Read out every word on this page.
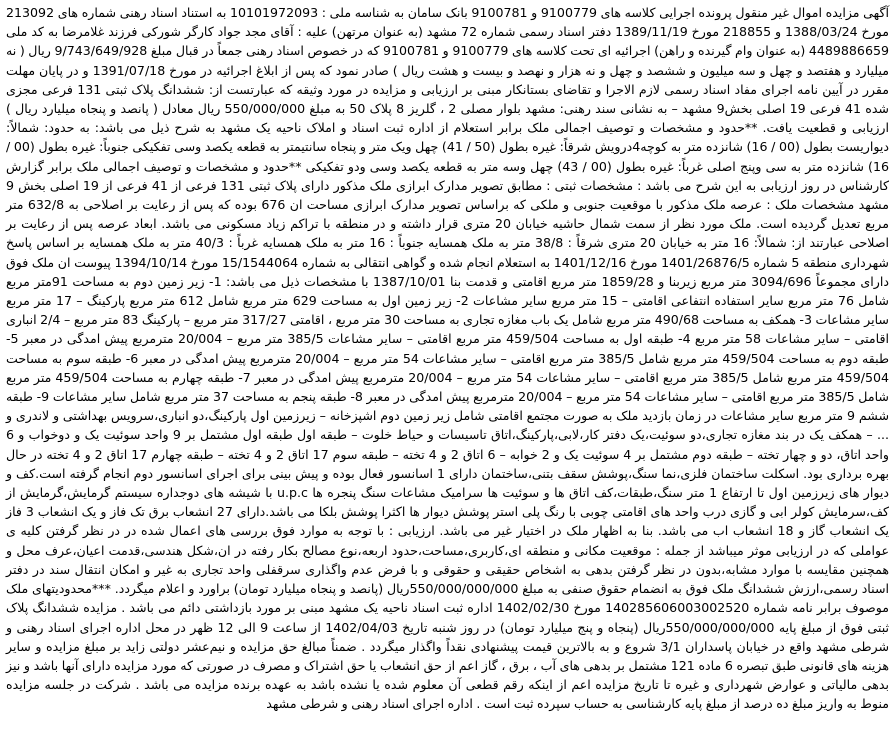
آگهی مزایده اموال غیر منقول پرونده اجرایی کلاسه های 9100779 و 9100781 بانک سامان به شناسه ملی : 10101972093 به استناد اسناد رهنی شماره های 213092 مورخ 1388/03/24 و 218855 مورخ 1389/11/19 دفتر اسناد رسمی شماره 72 مشهد (به عنوان مرتهن) علیه : آقای مجد جواد کارگر شورکی فرزند غلامرضا به کد ملی 4489886659 (به عنوان وام گیرنده و راهن) اجرائیه ای تحت کلاسه های 9100779 و 9100781 که در خصوص اسناد رهنی جمعاً در قبال مبلغ 9/743/649/928 ریال ( نه میلیارد و هفتصد و چهل و سه میلیون و ششصد و چهل و نه هزار و نهصد و بیست و هشت ریال ) صادر نمود که پس از ابلاغ اجرائیه در مورخ 1391/07/18 و در پایان مهلت مقرر در آیین نامه اجرای مفاد اسناد رسمی لازم الاجرا و تقاضای بستانکار مبنی بر ارزیابی و مزایده در مورد وثیقه که عبارتست از: ششدانگ پلاک ثبتی 131 فرعی مجزی شده 41 فرعی 19 اصلی بخش9 مشهد – به نشانی سند رهنی: مشهد بلوار مصلی 2 ، گلریز 8 پلاک 50 به مبلغ 550/000/000 ریال معادل ( پانصد و پنجاه میلیارد ریال ) ارزیابی و قطعیت یافت. **حدود و مشخصات و توصیف اجمالی ملک برابر استعلام از اداره ثبت اسناد و املاک ناحیه یک مشهد به شرح ذیل می باشد: به حدود: شمالاً: دیواریست بطول (00 / 16) شانزده متر به کوچه4درویش شرقاً: غیره بطول (50 / 41) چهل ویک متر و پنجاه سانتیمتر به قطعه یکصد وسی تفکیکی جنوباً: غیره بطول (00 / 16) شانزده متر به سی وپنج اصلی غرباً: غیره بطول (00 / 43) چهل وسه متر به قطعه یکصد وسی ودو تفکیکی **حدود و مشخصات و توصیف اجمالی ملک برابر گزارش کارشناس در روز ارزیابی به این شرح می باشد : مشخصات ثبتی : مطابق تصویر مدارک ابرازی ملک مذکور دارای پلاک ثبتی 131 فرعی از 41 فرعی از 19 اصلی بخش 9 مشهد مشخصات ملک : عرصه ملک مذکور با موقعیت جنوبی و ملکی که براساس تصویر مدارک ابرازی مساحت ان 676 بوده که پس از رعایت بر اصلاحی به 632/8 متر مربع تعدیل گردیده است. ملک مورد نظر از سمت شمال حاشیه خیابان 20 متری قرار داشته و در منطقه با تراکم زیاد مسکونی می باشد. ابعاد عرصه پس از رعایت بر اصلاحی عبارتند از: شمالاً: 16 متر به خیابان 20 متری شرقاً : 38/8 متر به ملک همسایه جنوباً : 16 متر به ملک همسایه غرباً : 40/3 متر به ملک همسایه بر اساس پاسخ شهرداری منطقه 5 شماره 1401/26876/5 مورخ 1401/12/16 به استعلام انجام شده و گواهی انتقالی به شماره 15/1544064 مورخ 1394/10/14 پیوست ان ملک فوق دارای مجموعاً 3094/696 متر مربع زیربنا و 1859/28 متر مربع اقامتی و قدمت بنا 1387/10/01 با مشخصات ذیل می باشد: 1- زیر زمین دوم به مساحت 91متر مربع شامل 76 متر مربع سایر استفاده انتفاعی اقامتی – 15 متر مربع سایر مشاعات 2- زیر زمین اول به مساحت 629 متر مربع شامل 612 متر مربع پارکینگ – 17 متر مربع سایر مشاعات 3- همکف به مساحت 490/68 متر مربع شامل یک باب مغازه تجاری به مساحت 30 متر مربع ، اقامتی 317/27 متر مربع – پارکینگ 83 متر مربع – 2/4 انباری اقامتی – سایر مشاعات 58 متر مربع 4- طبقه اول به مساحت 459/504 متر مربع اقامتی – سایر مشاعات 385/5 متر مربع – 20/004 مترمربع پیش امدگی در معبر 5- طبقه دوم به مساحت 459/504 متر مربع شامل 385/5 متر مربع اقامتی – سایر مشاعات 54 متر مربع – 20/004 مترمربع پیش امدگی در معبر 6- طبقه سوم به مساحت 459/504 متر مربع شامل 385/5 متر مربع اقامتی – سایر مشاعات 54 متر مربع – 20/004 مترمربع پیش امدگی در معبر 7- طبقه چهارم به مساحت 459/504 متر مربع شامل 385/5 متر مربع اقامتی – سایر مشاعات 54 متر مربع – 20/004 مترمربع پیش امدگی در معبر 8- طبقه پنجم به مساحت 37 متر مربع شامل سایر مشاعات 9- طبقه ششم 9 متر مربع سایر مشاعات در زمان بازدید ملک به صورت مجتمع اقامتی شامل زیر زمین دوم اشپزخانه – زیرزمین اول پارکینگ،دو انباری،سرویس بهداشتی و لاندری و ... – همکف یک در بند مغازه تجاری،دو سوئیت،یک دفتر کار،لابی،پارکینگ،اتاق تاسیسات و حیاط خلوت – طبقه اول طبقه اول مشتمل بر 9 واحد سوئیت یک و دوخواب و 6 واحد اتاق، دو و چهار تخته – طبقه دوم مشتمل بر 4 سوئیت یک و 2 خوابه – 6 اتاق 2 و 4 تخته – طبقه سوم 17 اتاق 2 و 4 تخته – طبقه چهارم 17 اتاق 2 و 4 تخته در حال بهره برداری بود. اسکلت ساختمان فلزی،نما سنگ،پوشش سقف بتنی،ساختمان دارای 1 اسانسور فعال بوده و پیش بینی برای اجرای اسانسور دوم انجام گرفته است.کف و دیوار های زیرزمین اول تا ارتفاع 1 متر سنگ،طبقات،کف اتاق ها و سوئیت ها سرامیک مشاعات سنگ پنجره ها u.p.c با شیشه های دوجداره سیستم گرمایش،گرمایش از کف،سرمایش کولر ابی و گازی درب واحد های اقامتی چوبی با رنگ پلی استر پوشش دیوار ها اکثرا پوشش بلکا می باشد.دارای 27 انشعاب برق تک فاز و یک انشعاب 3 فاز یک انشعاب گاز و 18 انشعاب اب می باشد. بنا به اظهار ملک در اختیار غیر می باشد. ارزیابی : با توجه به موارد فوق بررسی های اعمال شده در در نظر گرفتن کلیه ی عواملی که در ارزیابی موثر میباشد از جمله : موقعیت مکانی و منطقه ای،کاربری،مساحت،حدود اربعه،نوع مصالح بکار رفته در ان،شکل هندسی،قدمت اعیان،عرف محل و همچنین مقایسه با موارد مشابه،بدون در نظر گرفتن بدهی به اشخاص حقیقی و حقوقی و با فرض عدم واگذاری سرقفلی واحد تجاری به غیر و امکان انتقال سند در دفتر اسناد رسمی،ارزش ششدانگ ملک فوق به انضمام حقوق صنفی به مبلغ 550/000/000/000ریال (پانصد و پنجاه میلیارد تومان) براورد و اعلام میگردد. ***محدودیتهای ملک موصوف برابر نامه شماره 140285606003002520 مورخ 1402/02/30 اداره ثبت اسناد ناحیه یک مشهد مبنی بر مورد بازداشتی دائم می باشد . مزایده ششدانگ پلاک ثبتی فوق از مبلغ پایه 550/000/000/000ریال (پنجاه و پنج میلیارد تومان) در روز شنبه تاریخ 1402/04/03 از ساعت 9 الی 12 ظهر در محل اداره اجرای اسناد رهنی و شرطی مشهد واقع در خیابان پاسداران 3/1 شروع و به بالاترین قیمت پیشنهادی نقداً واگذار میگردد . ضمناً مبالغ حق مزایده و نیم‌عشر دولتی زاید بر مبلغ مزایده و سایر هزینه های قانونی طبق تبصره 6 ماده 121 مشتمل بر بدهی های آب ، برق ، گاز اعم از حق انشعاب یا حق اشتراک و مصرف در صورتی که مورد مزایده دارای آنها باشد و نیز بدهی مالیاتی و عوارض شهرداری و غیره تا تاریخ مزایده اعم از اینکه رقم قطعی آن معلوم شده یا نشده باشد به عهده برنده مزایده می باشد . شرکت در جلسه مزایده منوط به واریز مبلغ ده درصد از مبلغ پایه کارشناسی به حساب سپرده ثبت است . اداره اجرای اسناد رهنی و شرطی مشهد
